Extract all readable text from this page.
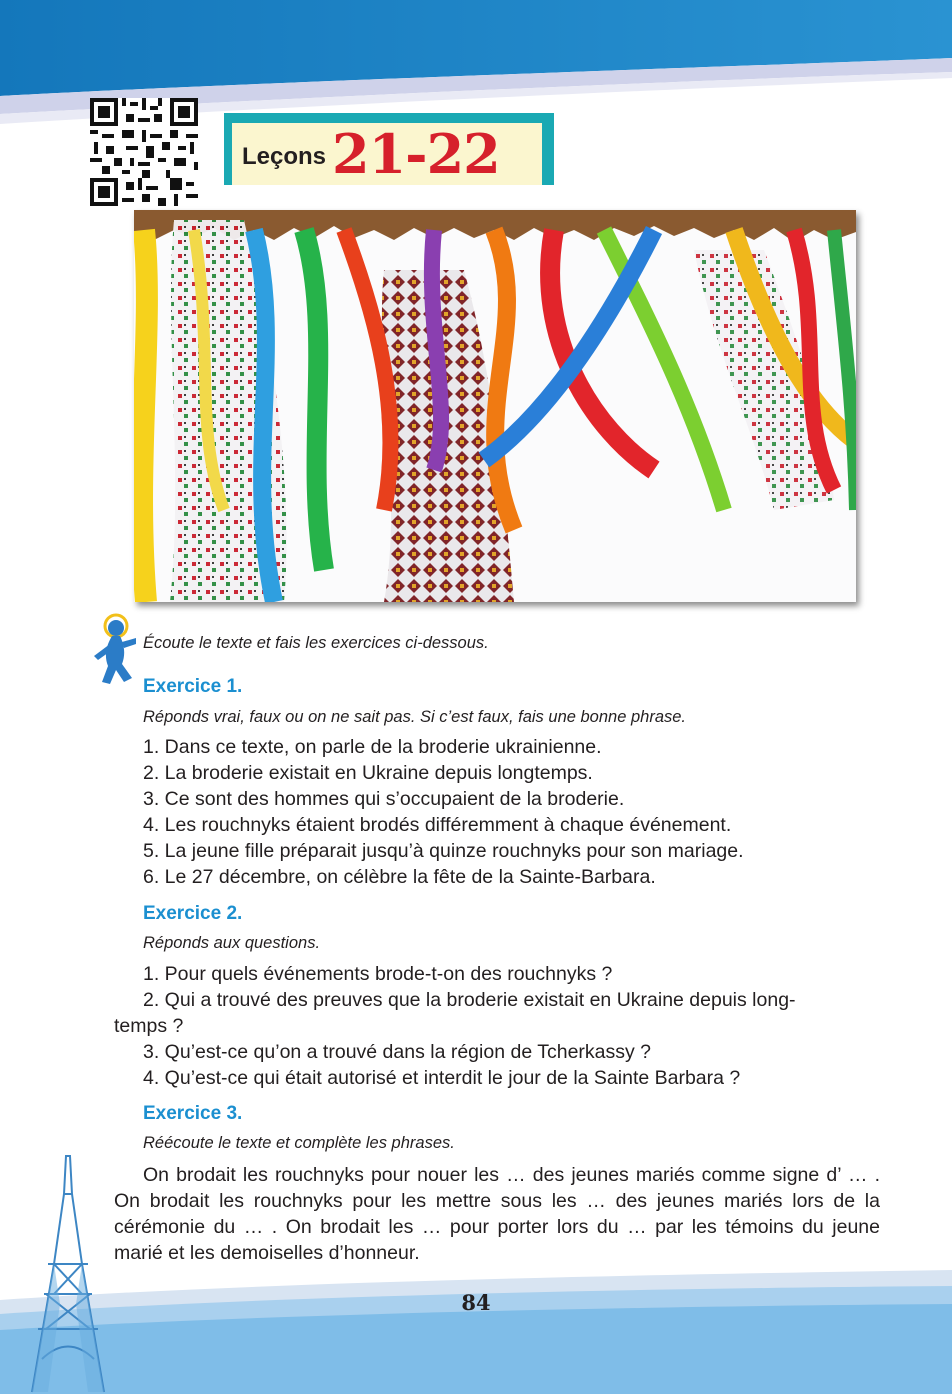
Leçons 21-22
Écoute le texte et fais les exercices ci-dessous.
Exercice 1.
Réponds vrai, faux ou on ne sait pas. Si c’est faux, fais une bonne phrase.
1. Dans ce texte, on parle de la broderie ukrainienne.
2. La broderie existait en Ukraine depuis longtemps.
3. Ce sont des hommes qui s’occupaient de la broderie.
4. Les rouchnyks étaient brodés différemment à chaque événement.
5. La jeune fille préparait jusqu’à quinze rouchnyks pour son mariage.
6. Le 27 décembre, on célèbre la fête de la Sainte-Barbara.
Exercice 2.
Réponds aux questions.
1. Pour quels événements brode-t-on des rouchnyks ?
2. Qui a trouvé des preuves que la broderie existait en Ukraine depuis long-
temps ?
3. Qu’est-ce qu’on a trouvé dans la région de Tcherkassy ?
4. Qu’est-ce qui était autorisé et interdit le jour de la Sainte Barbara ?
Exercice 3.
Réécoute le texte et complète les phrases.
On brodait les rouchnyks pour nouer les … des jeunes mariés comme signe d’ … . On brodait les rouchnyks pour les mettre sous les … des jeunes mariés lors de la cérémonie du … . On brodait les … pour porter lors du … par les témoins du jeune marié et les demoiselles d’honneur.
84
